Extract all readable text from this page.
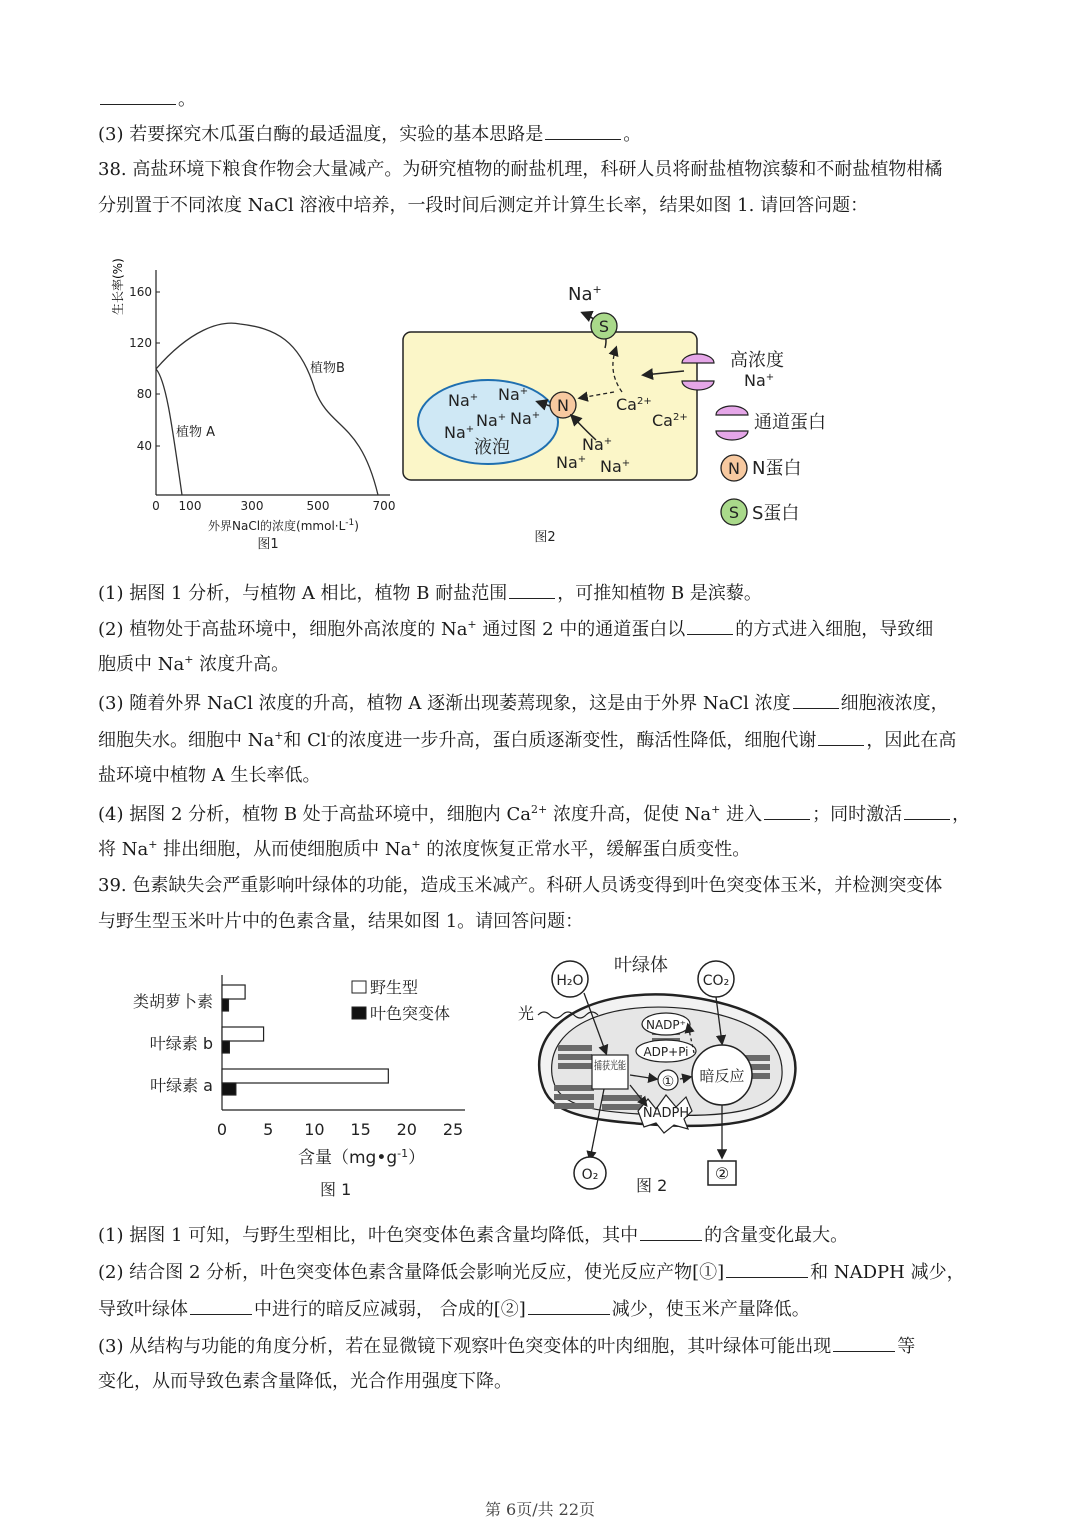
。
(3) 若要探究木瓜蛋白酶的最适温度，实验的基本思路是	。
38. 高盐环境下粮食作物会大量减产。为研究植物的耐盐机理，科研人员将耐盐植物滨藜和不耐盐植物柑橘
分别置于不同浓度 NaCl 溶液中培养，一段时间后测定并计算生长率，结果如图 1. 请回答问题：
生长率(%)
40
80
120
160
0 100	300	500	700
植物B
植物 A
外界NaCl的浓度$(mmol\cdot L^{-1})$
图1
Na+
S
Na+ Na+
Na+ Na+
Na+
液泡	Na+
Na+ Na+
$Ca^{2+}$
$Ca^{2+}$
N
高浓度
Na+
通道蛋白
N N蛋白
S S蛋白
图2
(1) 据图 1 分析，与植物 A 相比，植物 B 耐盐范围	，可推知植物 B 是滨藜。
(2) 植物处于高盐环境中，细胞外高浓度的 Na+ 通过图 2 中的通道蛋白以	的方式进入细胞，导致细
胞质中 Na+ 浓度升高。
(3) 随着外界 NaCl 浓度的升高，植物 A 逐渐出现萎蔫现象，这是由于外界 NaCl 浓度	细胞液浓度，
细胞失水。细胞中 Na+和 Cl-的浓度进一步升高，蛋白质逐渐变性，酶活性降低，细胞代谢	，因此在高
盐环境中植物 A 生长率低。
(4) 据图 2 分析，植物 B 处于高盐环境中，细胞内 $Ca^{2+}$ 浓度升高，促使 Na+ 进入	；同时激活	，
将 Na+ 排出细胞，从而使细胞质中 Na+ 的浓度恢复正常水平，缓解蛋白质变性。
39. 色素缺失会严重影响叶绿体的功能，造成玉米减产。科研人员诱变得到叶色突变体玉米，并检测突变体
与野生型玉米叶片中的色素含量，结果如图 1。请回答问题：
类胡萝卜素
叶绿素 b
叶绿素 a
0 5 10 15 20 25
野生型
叶色突变体
含量$(mg•g^{-1})$
图 1
叶绿体
H₂O	CO₂
光
捕获光能
NADP⁺
ADP+Pi
① 暗反应
NADPH
O₂	②
图 2
(1) 据图 1 可知，与野生型相比，叶色突变体色素含量均降低，其中	的含量变化最大。
(2) 结合图 2 分析，叶色突变体色素含量降低会影响光反应，使光反应产物[①]	和 NADPH 减少，
导致叶绿体	中进行的暗反应减弱， 合成的[②]	减少，使玉米产量降低。
(3) 从结构与功能的角度分析，若在显微镜下观察叶色突变体的叶肉细胞，其叶绿体可能出现	等
变化，从而导致色素含量降低，光合作用强度下降。
第 6页/共 22页
